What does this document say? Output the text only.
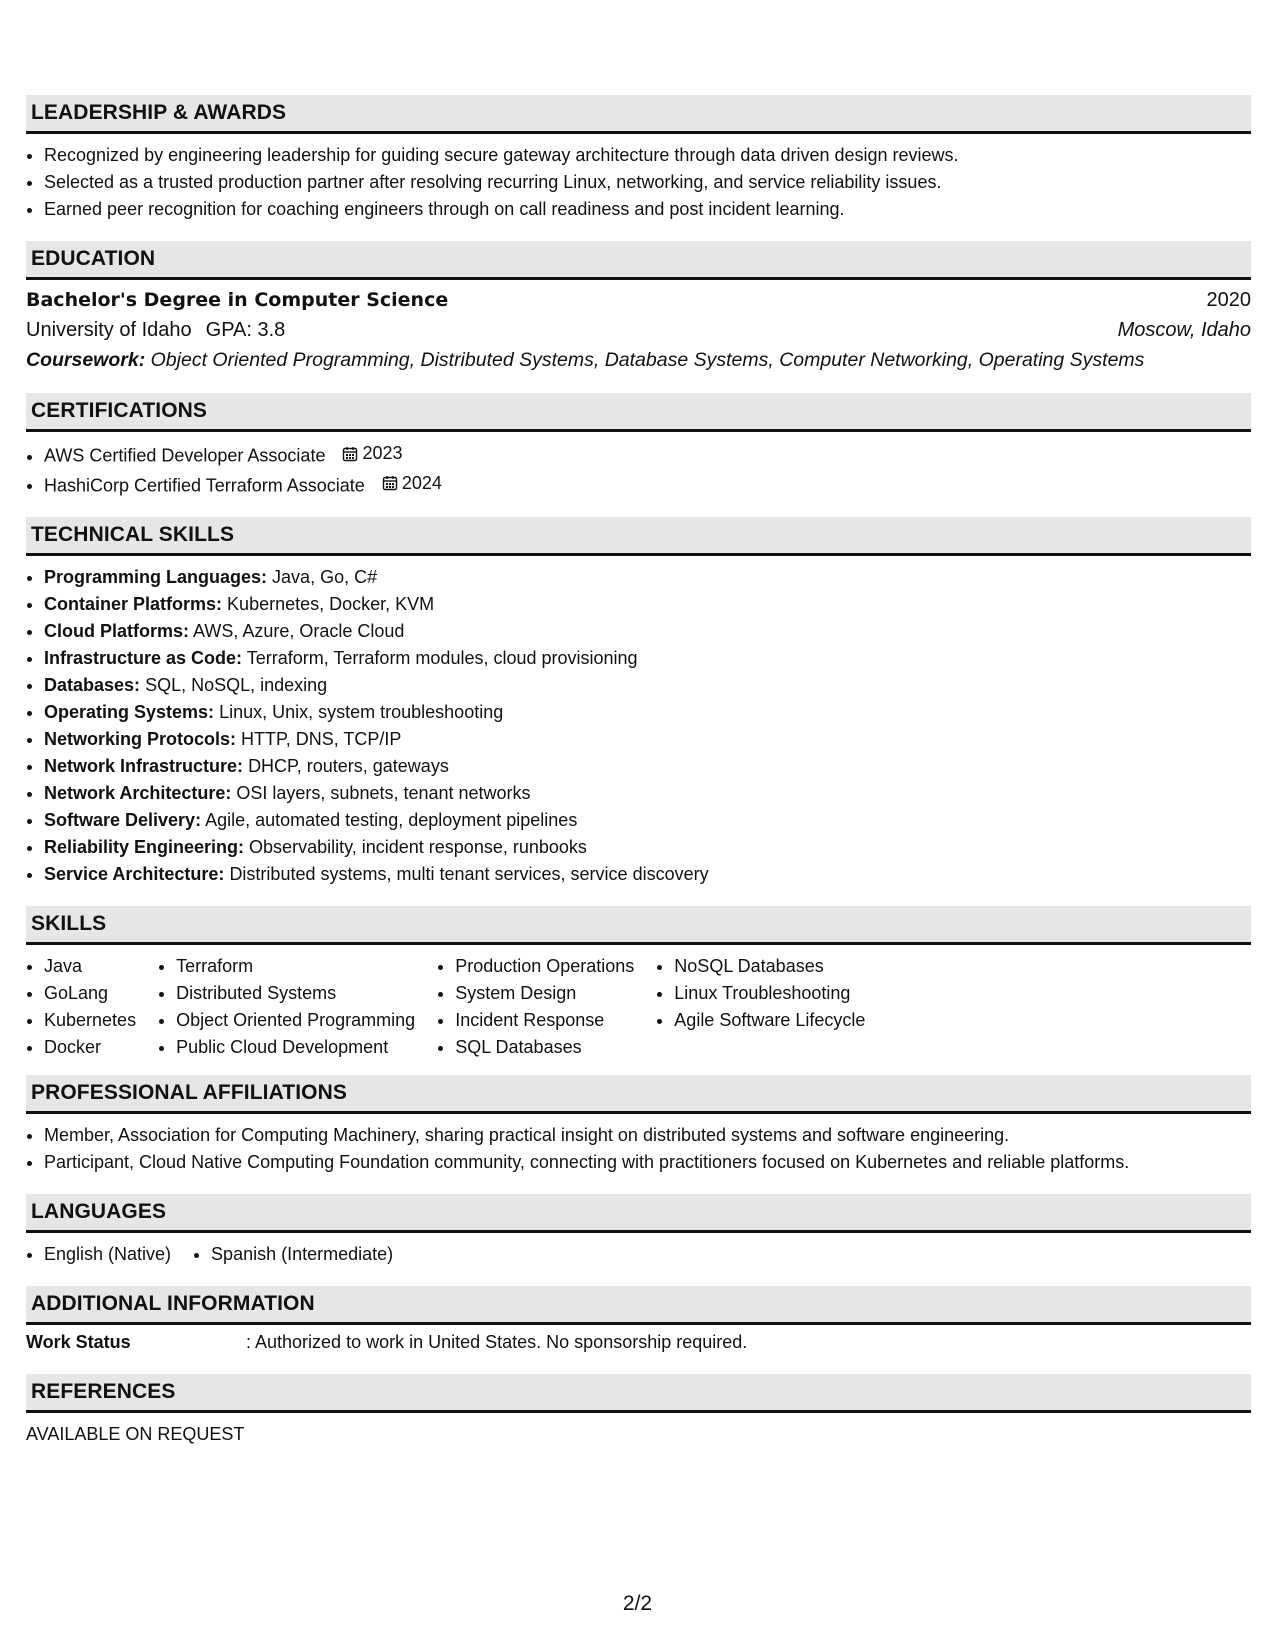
LEADERSHIP & AWARDS
• Recognized by engineering leadership for guiding secure gateway architecture through data driven design reviews.
• Selected as a trusted production partner after resolving recurring Linux, networking, and service reliability issues.
• Earned peer recognition for coaching engineers through on call readiness and post incident learning.
EDUCATION
Bachelor's Degree in Computer Science	2020
University of Idaho GPA: 3.8	Moscow, Idaho
Coursework: Object Oriented Programming, Distributed Systems, Database Systems, Computer Networking, Operating Systems
CERTIFICATIONS
• AWS Certified Developer Associate 2023
• HashiCorp Certified Terraform Associate 2024
TECHNICAL SKILLS
• Programming Languages: Java, Go, C#
• Container Platforms: Kubernetes, Docker, KVM
• Cloud Platforms: AWS, Azure, Oracle Cloud
• Infrastructure as Code: Terraform, Terraform modules, cloud provisioning
• Databases: SQL, NoSQL, indexing
• Operating Systems: Linux, Unix, system troubleshooting
• Networking Protocols: HTTP, DNS, TCP/IP
• Network Infrastructure: DHCP, routers, gateways
• Network Architecture: OSI layers, subnets, tenant networks
• Software Delivery: Agile, automated testing, deployment pipelines
• Reliability Engineering: Observability, incident response, runbooks
• Service Architecture: Distributed systems, multi tenant services, service discovery
SKILLS
• Java
• GoLang
• Kubernetes
• Docker
• Terraform
• Distributed Systems
• Object Oriented Programming
• Public Cloud Development
• Production Operations
• System Design
• Incident Response
• SQL Databases
• NoSQL Databases
• Linux Troubleshooting
• Agile Software Lifecycle
PROFESSIONAL AFFILIATIONS
• Member, Association for Computing Machinery, sharing practical insight on distributed systems and software engineering.
• Participant, Cloud Native Computing Foundation community, connecting with practitioners focused on Kubernetes and reliable platforms.
LANGUAGES
• English (Native)
• Spanish (Intermediate)
ADDITIONAL INFORMATION
Work Status	: Authorized to work in United States. No sponsorship required.
REFERENCES
AVAILABLE ON REQUEST
2/2
